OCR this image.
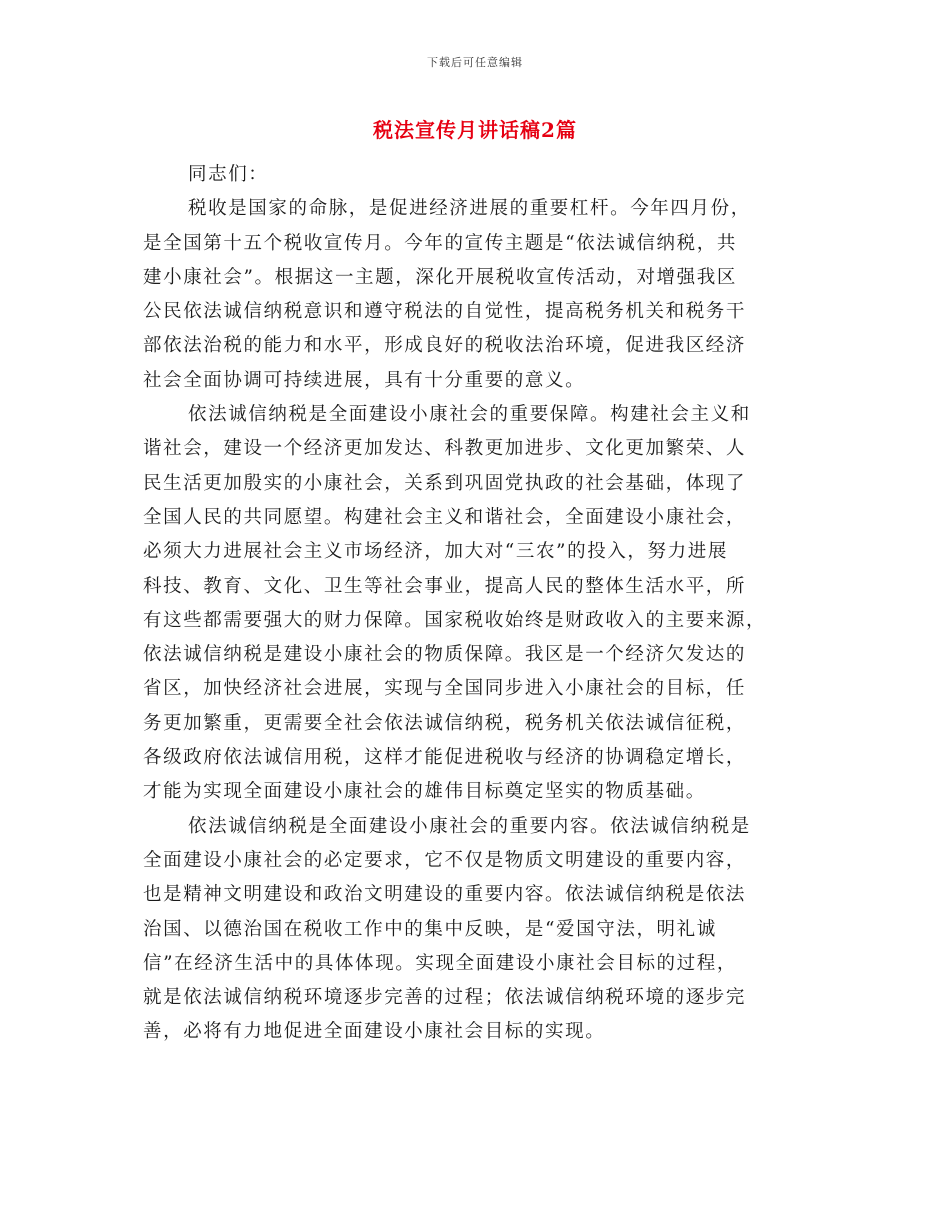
下载后可任意编辑
税法宣传月讲话稿2篇
同志们：
税收是国家的命脉，是促进经济进展的重要杠杆。今年四月份，
是全国第十五个税收宣传月。今年的宣传主题是“依法诚信纳税，共
建小康社会”。根据这一主题，深化开展税收宣传活动，对增强我区
公民依法诚信纳税意识和遵守税法的自觉性，提高税务机关和税务干
部依法治税的能力和水平，形成良好的税收法治环境，促进我区经济
社会全面协调可持续进展，具有十分重要的意义。
依法诚信纳税是全面建设小康社会的重要保障。构建社会主义和
谐社会，建设一个经济更加发达、科教更加进步、文化更加繁荣、人
民生活更加殷实的小康社会，关系到巩固党执政的社会基础，体现了
全国人民的共同愿望。构建社会主义和谐社会，全面建设小康社会，
必须大力进展社会主义市场经济，加大对“三农”的投入，努力进展
科技、教育、文化、卫生等社会事业，提高人民的整体生活水平，所
有这些都需要强大的财力保障。国家税收始终是财政收入的主要来源，
依法诚信纳税是建设小康社会的物质保障。我区是一个经济欠发达的
省区，加快经济社会进展，实现与全国同步进入小康社会的目标，任
务更加繁重，更需要全社会依法诚信纳税，税务机关依法诚信征税，
各级政府依法诚信用税，这样才能促进税收与经济的协调稳定增长，
才能为实现全面建设小康社会的雄伟目标奠定坚实的物质基础。
依法诚信纳税是全面建设小康社会的重要内容。依法诚信纳税是
全面建设小康社会的必定要求，它不仅是物质文明建设的重要内容，
也是精神文明建设和政治文明建设的重要内容。依法诚信纳税是依法
治国、以德治国在税收工作中的集中反映，是“爱国守法，明礼诚
信”在经济生活中的具体体现。实现全面建设小康社会目标的过程，
就是依法诚信纳税环境逐步完善的过程；依法诚信纳税环境的逐步完
善，必将有力地促进全面建设小康社会目标的实现。
